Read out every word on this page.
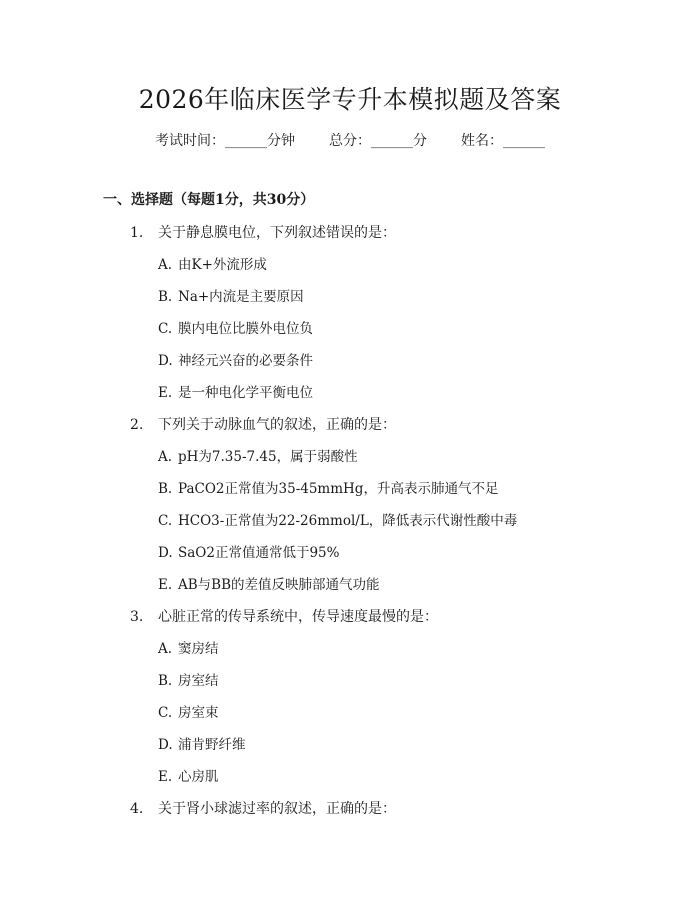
2026年临床医学专升本模拟题及答案
考试时间：______分钟 总分：______分 姓名：______
一、选择题（每题1分，共30分）
1. 关于静息膜电位，下列叙述错误的是：
A. 由K+外流形成
B. Na+内流是主要原因
C. 膜内电位比膜外电位负
D. 神经元兴奋的必要条件
E. 是一种电化学平衡电位
2. 下列关于动脉血气的叙述，正确的是：
A. pH为7.35-7.45，属于弱酸性
B. PaCO2正常值为35-45mmHg，升高表示肺通气不足
C. HCO3-正常值为22-26mmol/L，降低表示代谢性酸中毒
D. SaO2正常值通常低于95%
E. AB与BB的差值反映肺部通气功能
3. 心脏正常的传导系统中，传导速度最慢的是：
A. 窦房结
B. 房室结
C. 房室束
D. 浦肯野纤维
E. 心房肌
4. 关于肾小球滤过率的叙述，正确的是：
